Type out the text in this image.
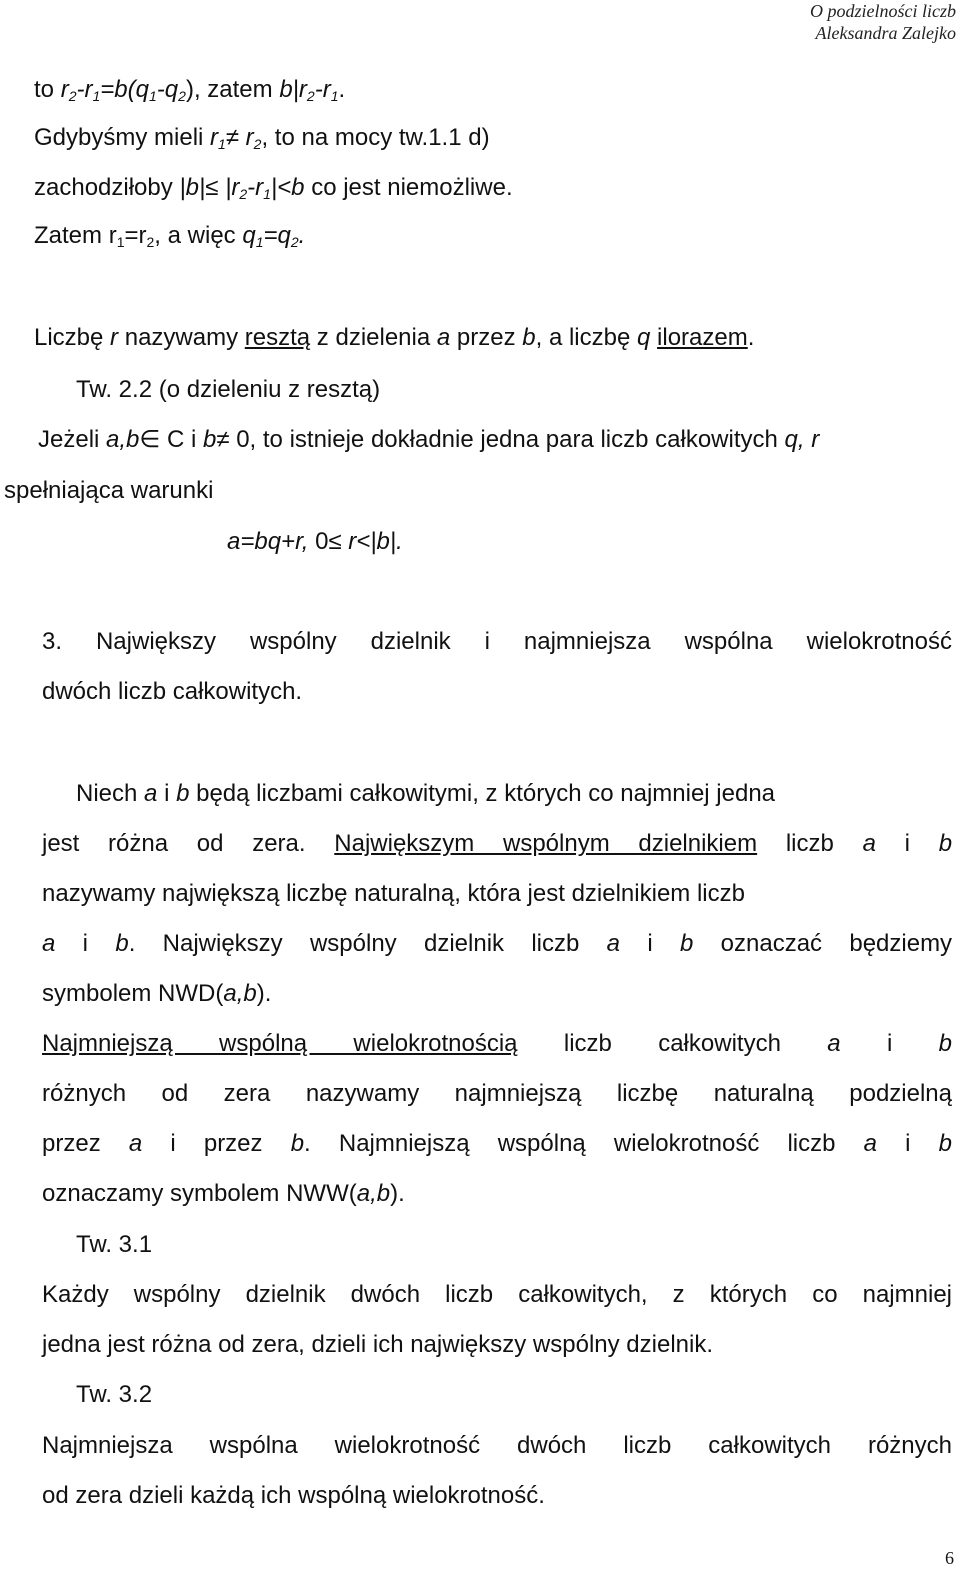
O podzielności liczb
Aleksandra Zalejko
to $r_2-r_1=b(q_1-q_2)$, zatem $b|r_2-r_1$.
Gdybyśmy mieli $r_1\ne r_2$, to na mocy tw.1.1 d)
zachodziłoby $|b|\le |r_2-r_1|<b$ co jest niemożliwe.
Zatem $r_1=r_2$, a więc $q_1=q_2$.
Liczbę r nazywamy resztą z dzielenia a przez b, a liczbę q ilorazem.
Tw. 2.2 (o dzieleniu z resztą)
Jeżeli a,b∈ C i b≠ 0, to istnieje dokładnie jedna para liczb całkowitych q, r
spełniająca warunki
a=bq+r, 0≤ r<|b|.
3. Największy wspólny dzielnik i najmniejsza wspólna wielokrotność
dwóch liczb całkowitych.
Niech a i b będą liczbami całkowitymi, z których co najmniej jedna
jest różna od zera. Największym wspólnym dzielnikiem liczb a i b
nazywamy największą liczbę naturalną, która jest dzielnikiem liczb
a i b. Największy wspólny dzielnik liczb a i b oznaczać będziemy
symbolem NWD(a,b).
Najmniejszą wspólną wielokrotnością liczb całkowitych a i b
różnych od zera nazywamy najmniejszą liczbę naturalną podzielną
przez a i przez b. Najmniejszą wspólną wielokrotność liczb a i b
oznaczamy symbolem NWW(a,b).
Tw. 3.1
Każdy wspólny dzielnik dwóch liczb całkowitych, z których co najmniej
jedna jest różna od zera, dzieli ich największy wspólny dzielnik.
Tw. 3.2
Najmniejsza wspólna wielokrotność dwóch liczb całkowitych różnych
od zera dzieli każdą ich wspólną wielokrotność.
6
